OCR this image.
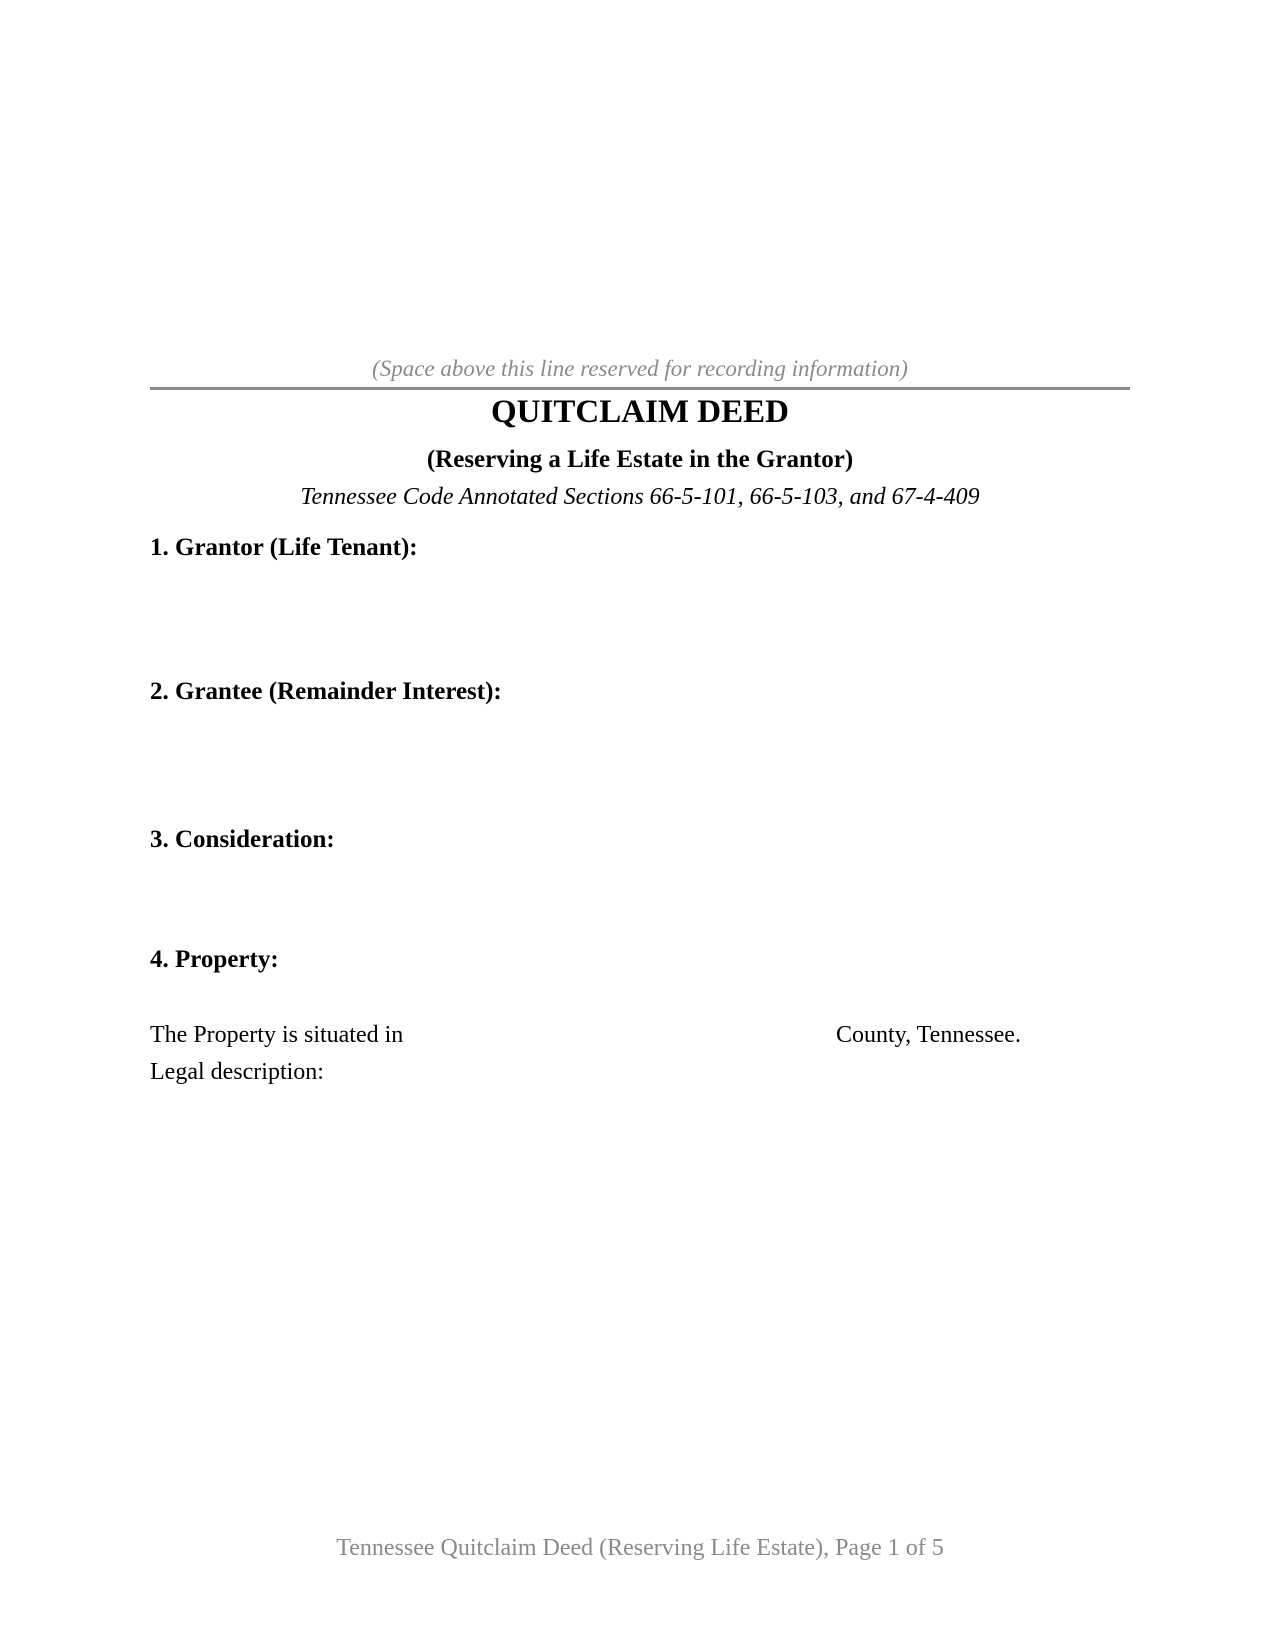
(Space above this line reserved for recording information)
QUITCLAIM DEED
(Reserving a Life Estate in the Grantor)
Tennessee Code Annotated Sections 66-5-101, 66-5-103, and 67-4-409
1. Grantor (Life Tenant):
2. Grantee (Remainder Interest):
3. Consideration:
4. Property:
The Property is situated in	County, Tennessee.
Legal description:
Tennessee Quitclaim Deed (Reserving Life Estate), Page 1 of 5
